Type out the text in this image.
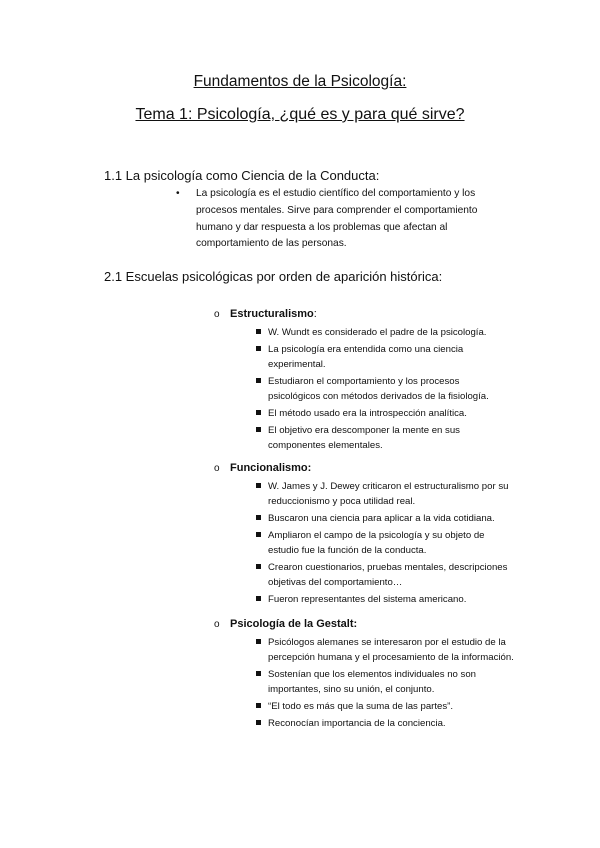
Fundamentos de la Psicología:
Tema 1: Psicología, ¿qué es y para qué sirve?
1.1 La psicología como Ciencia de la Conducta:
• La psicología es el estudio científico del comportamiento y los procesos mentales. Sirve para comprender el comportamiento humano y dar respuesta a los problemas que afectan al comportamiento de las personas.
2.1 Escuelas psicológicas por orden de aparición histórica:
o Estructuralismo:
W. Wundt es considerado el padre de la psicología.
La psicología era entendida como una ciencia experimental.
Estudiaron el comportamiento y los procesos psicológicos con métodos derivados de la fisiología.
El método usado era la introspección analítica.
El objetivo era descomponer la mente en sus componentes elementales.
o Funcionalismo:
W. James y J. Dewey criticaron el estructuralismo por su reduccionismo y poca utilidad real.
Buscaron una ciencia para aplicar a la vida cotidiana.
Ampliaron el campo de la psicología y su objeto de estudio fue la función de la conducta.
Crearon cuestionarios, pruebas mentales, descripciones objetivas del comportamiento…
Fueron representantes del sistema americano.
o Psicología de la Gestalt:
Psicólogos alemanes se interesaron por el estudio de la percepción humana y el procesamiento de la información.
Sostenían que los elementos individuales no son importantes, sino su unión, el conjunto.
“El todo es más que la suma de las partes”.
Reconocían importancia de la conciencia.
